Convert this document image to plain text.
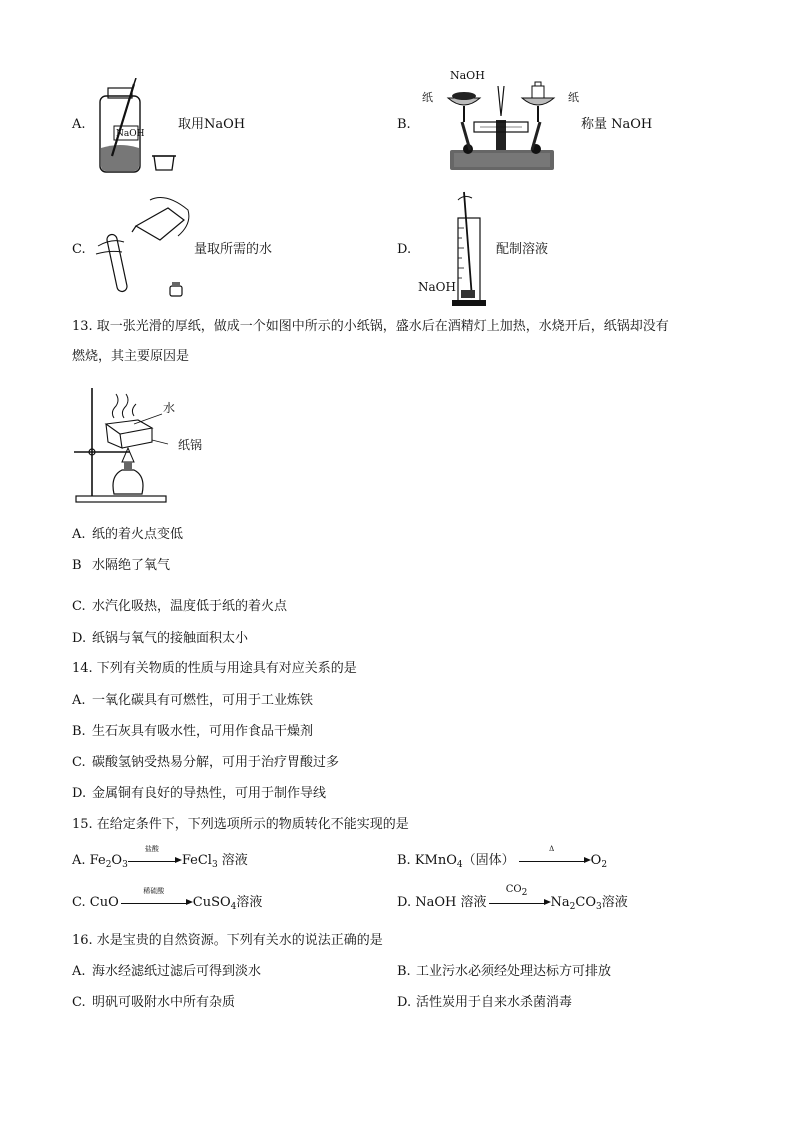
A.
NaOH
取用NaOH	B.
NaOH
纸	纸
称量 NaOH
C.	量取所需的水	D.
NaOH
配制溶液
13. 取一张光滑的厚纸，做成一个如图中所示的小纸锅，盛水后在酒精灯上加热，水烧开后，纸锅却没有
燃烧，其主要原因是
水
纸锅
A. 纸的着火点变低
B 水隔绝了氧气
C. 水汽化吸热，温度低于纸的着火点
D. 纸锅与氧气的接触面积太小
14. 下列有关物质的性质与用途具有对应关系的是
A. 一氧化碳具有可燃性，可用于工业炼铁
B. 生石灰具有吸水性，可用作食品干燥剂
C. 碳酸氢钠受热易分解，可用于治疗胃酸过多
D. 金属铜有良好的导热性，可用于制作导线
15. 在给定条件下，下列选项所示的物质转化不能实现的是
A. $Fe_2O_3$
盐酸
FeCl$_3$ 溶液	B. KMnO$_4$（固体）
Δ
$O_2$
C. CuO
稀硫酸
CuSO$_4$溶液	D. NaOH 溶液
$CO_2$
$Na_2CO_3$溶液
16. 水是宝贵的自然资源。下列有关水的说法正确的是
A. 海水经滤纸过滤后可得到淡水	B. 工业污水必须经处理达标方可排放
C. 明矾可吸附水中所有杂质	D. 活性炭用于自来水杀菌消毒
